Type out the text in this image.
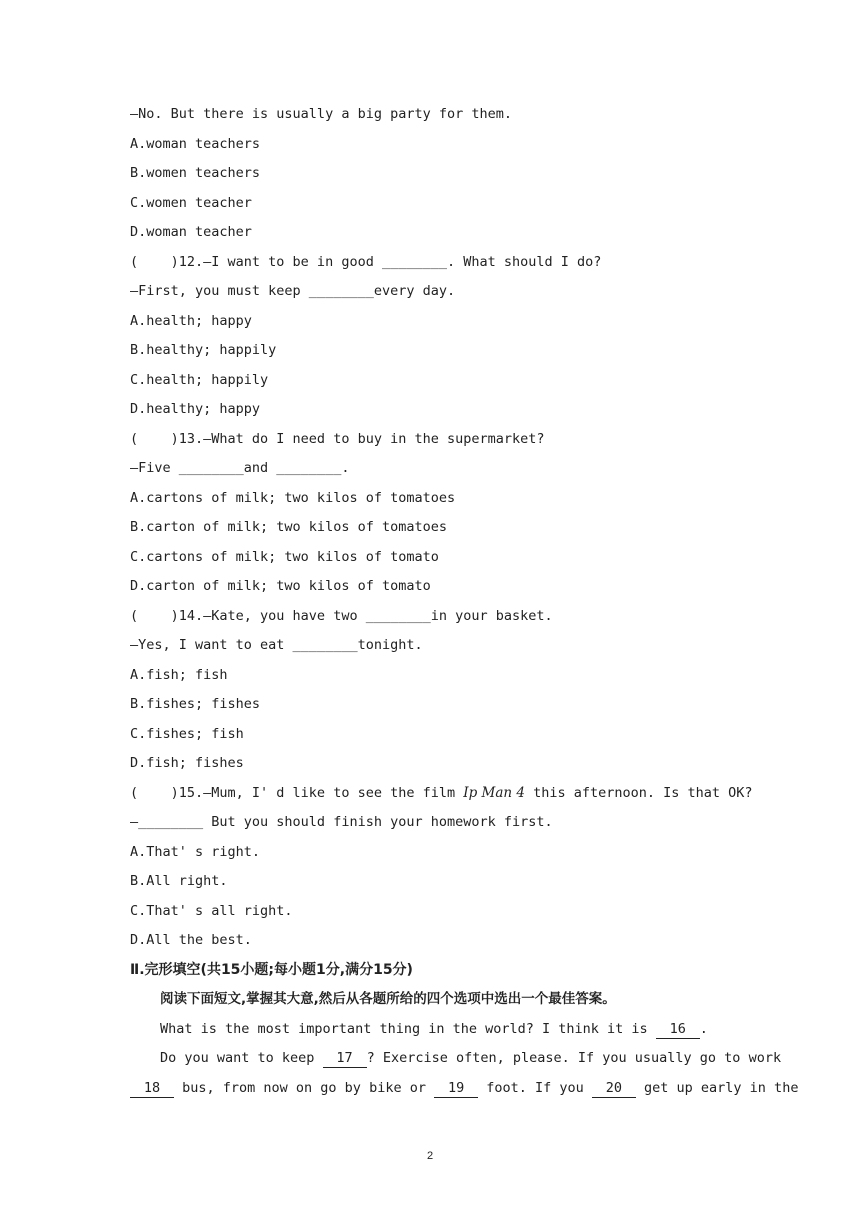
—No. But there is usually a big party for them.
A.woman teachers
B.women teachers
C.women teacher
D.woman teacher
(    )12.—I want to be in good ________. What should I do?
—First, you must keep ________every day.
A.health; happy
B.healthy; happily
C.health; happily
D.healthy; happy
(    )13.—What do I need to buy in the supermarket?
—Five ________and ________.
A.cartons of milk; two kilos of tomatoes
B.carton of milk; two kilos of tomatoes
C.cartons of milk; two kilos of tomato
D.carton of milk; two kilos of tomato
(    )14.—Kate, you have two ________in your basket.
—Yes, I want to eat ________tonight.
A.fish; fish
B.fishes; fishes
C.fishes; fish
D.fish; fishes
(    )15.—Mum, I' d like to see the film Ip Man 4 this afternoon. Is that OK?
—________ But you should finish your homework first.
A.That' s right.
B.All right.
C.That' s all right.
D.All the best.
Ⅱ.完形填空(共15小题;每小题1分,满分15分)
阅读下面短文,掌握其大意,然后从各题所给的四个选项中选出一个最佳答案。
What is the most important thing in the world? I think it is 16 .
Do you want to keep 17 ? Exercise often, please. If you usually go to work
18 bus, from now on go by bike or 19 foot. If you 20 get up early in the
2
